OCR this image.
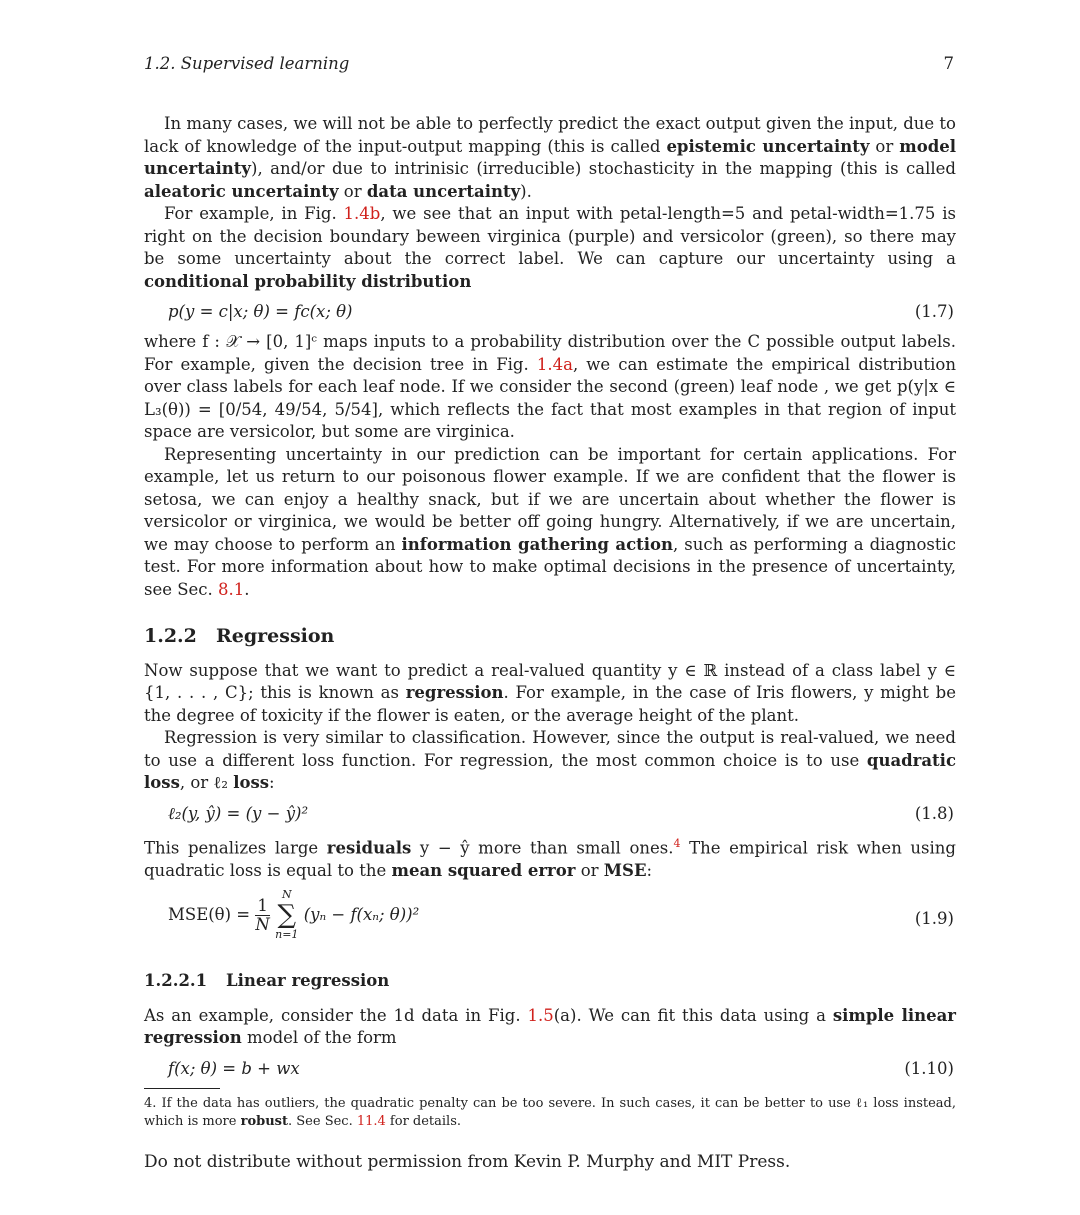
1.2. Supervised learning	7

In many cases, we will not be able to perfectly predict the exact output given the input, due to lack of knowledge of the input-output mapping (this is called epistemic uncertainty or model uncertainty), and/or due to intrinisic (irreducible) stochasticity in the mapping (this is called aleatoric uncertainty or data uncertainty).

For example, in Fig. 1.4b, we see that an input with petal-length=5 and petal-width=1.75 is right on the decision boundary beween virginica (purple) and versicolor (green), so there may be some uncertainty about the correct label. We can capture our uncertainty using a conditional probability distribution

p(y = c|x; θ) = fc(x; θ)	(1.7)

where f : 𝒳 → [0, 1]ᶜ maps inputs to a probability distribution over the C possible output labels. For example, given the decision tree in Fig. 1.4a, we can estimate the empirical distribution over class labels for each leaf node. If we consider the second (green) leaf node , we get p(y|x ∈ L₃(θ)) = [0/54, 49/54, 5/54], which reflects the fact that most examples in that region of input space are versicolor, but some are virginica.

Representing uncertainty in our prediction can be important for certain applications. For example, let us return to our poisonous flower example. If we are confident that the flower is setosa, we can enjoy a healthy snack, but if we are uncertain about whether the flower is versicolor or virginica, we would be better off going hungry. Alternatively, if we are uncertain, we may choose to perform an information gathering action, such as performing a diagnostic test. For more information about how to make optimal decisions in the presence of uncertainty, see Sec. 8.1.

1.2.2 Regression

Now suppose that we want to predict a real-valued quantity y ∈ ℝ instead of a class label y ∈ {1, . . . , C}; this is known as regression. For example, in the case of Iris flowers, y might be the degree of toxicity if the flower is eaten, or the average height of the plant.

Regression is very similar to classification. However, since the output is real-valued, we need to use a different loss function. For regression, the most common choice is to use quadratic loss, or ℓ₂ loss:

ℓ₂(y, ŷ) = (y − ŷ)²	(1.8)

This penalizes large residuals y − ŷ more than small ones.$^4$ The empirical risk when using quadratic loss is equal to the mean squared error or MSE:

$MSE(\theta) = \frac{1}{N}$

N
∑
n=1
(yₙ − f(xₙ; θ))²	(1.9)
1.2.2.1 Linear regression

As an example, consider the 1d data in Fig. 1.5(a). We can fit this data using a simple linear regression model of the form

f(x; θ) = b + wx	(1.10)
4. If the data has outliers, the quadratic penalty can be too severe. In such cases, it can be better to use ℓ₁ loss instead, which is more robust. See Sec. 11.4 for details.
Do not distribute without permission from Kevin P. Murphy and MIT Press.
